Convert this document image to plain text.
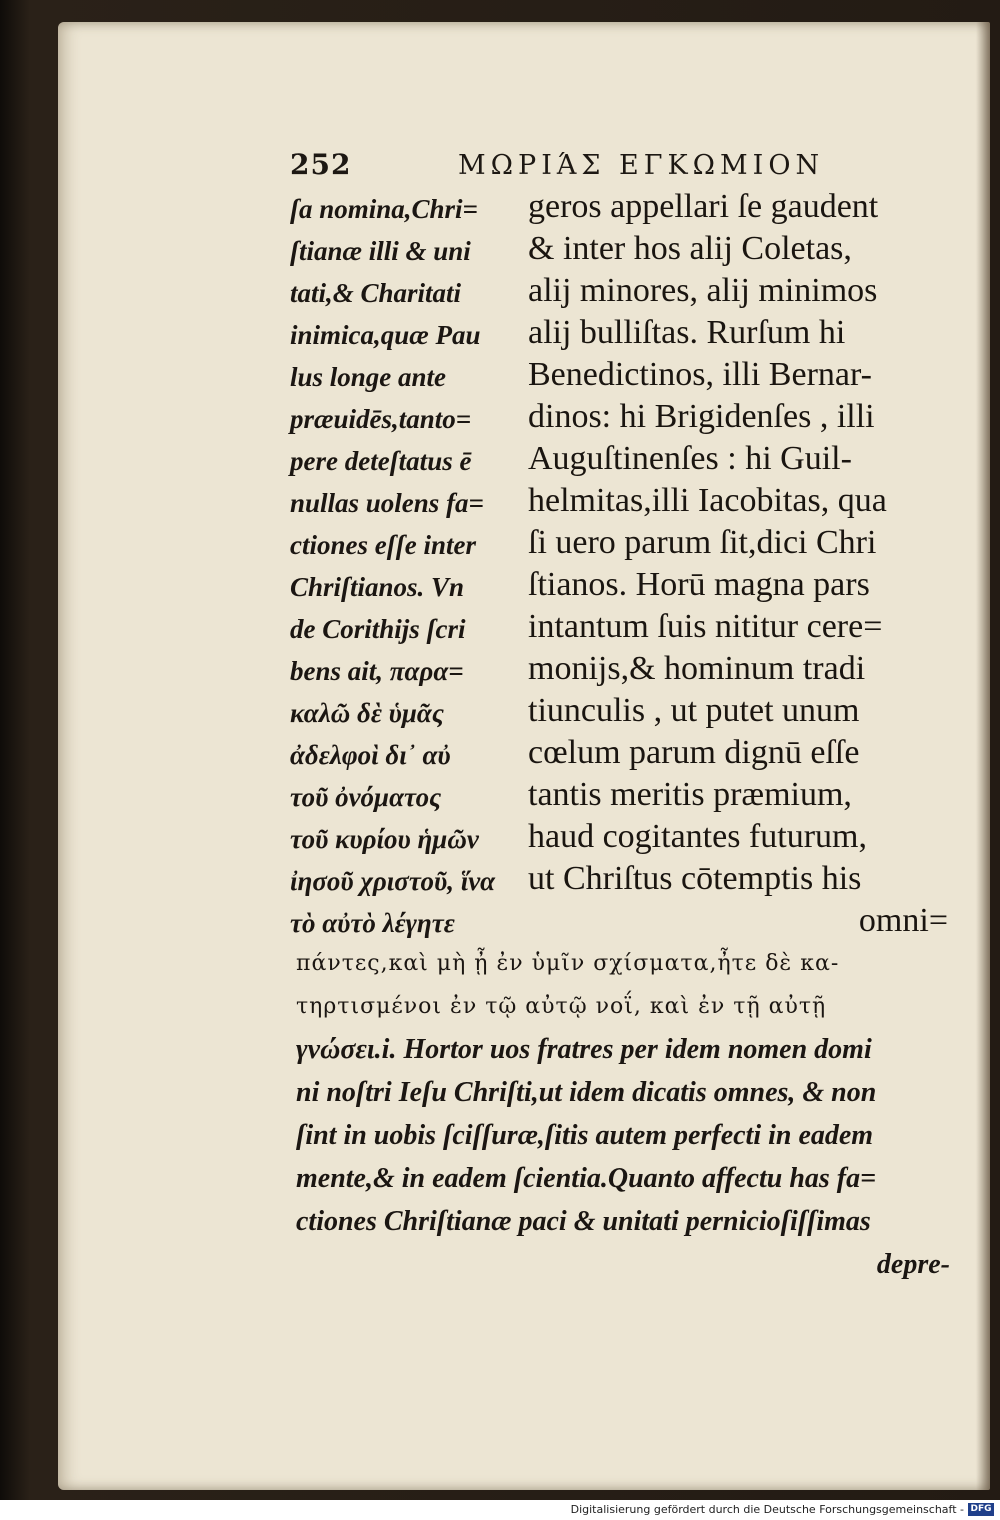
252	ΜΩΡΙΆΣ ΕΓΚΩΜΙΟΝ
ſa nomina,Chri=
ſtianæ illi & uni
tati,& Charitati
inimica,quæ Pau
lus longe ante
præuidēs,tanto=
pere deteſtatus ē
nullas uolens fa=
ctiones eſſe inter
Chriſtianos. Vn
de Corithijs ſcri
bens ait, παρα=
καλῶ δὲ ὑμᾶς
ἀδελφοὶ δι᾽ αὐ
τοῦ ὀνόματος
τοῦ κυρίου ἡμῶν
ἰησοῦ χριστοῦ, ἵνα
τὸ αὐτὸ λέγητε
geros appellari ſe gaudent
& inter hos alij Coletas,
alij minores, alij minimos
alij bulliſtas. Rurſum hi
Benedictinos, illi Bernar-
dinos: hi Brigidenſes , illi
Auguſtinenſes : hi Guil-
helmitas,illi Iacobitas, qua
ſi uero parum ſit,dici Chri
ſtianos. Horū magna pars
intantum ſuis nititur cere=
monijs,& hominum tradi
tiunculis , ut putet unum
cœlum parum dignū eſſe
tantis meritis præmium,
haud cogitantes futurum,
ut Chriſtus cōtemptis his
omni=
πάντες,καὶ μὴ ᾖ ἐν ὑμῖν σχίσματα,ἦτε δὲ κα-
τηρτισμένοι ἐν τῷ αὐτῷ νοΐ, καὶ ἐν τῇ αὐτῇ
γνώσει.i. Hortor uos fratres per idem nomen domi
ni noſtri Ieſu Chriſti,ut idem dicatis omnes, & non
ſint in uobis ſciſſuræ,ſitis autem perfecti in eadem
mente,& in eadem ſcientia.Quanto affectu has fa=
ctiones Chriſtianæ paci & unitati pernicioſiſſimas
depre-
Digitalisierung gefördert durch die Deutsche Forschungsgemeinschaft - DFG
